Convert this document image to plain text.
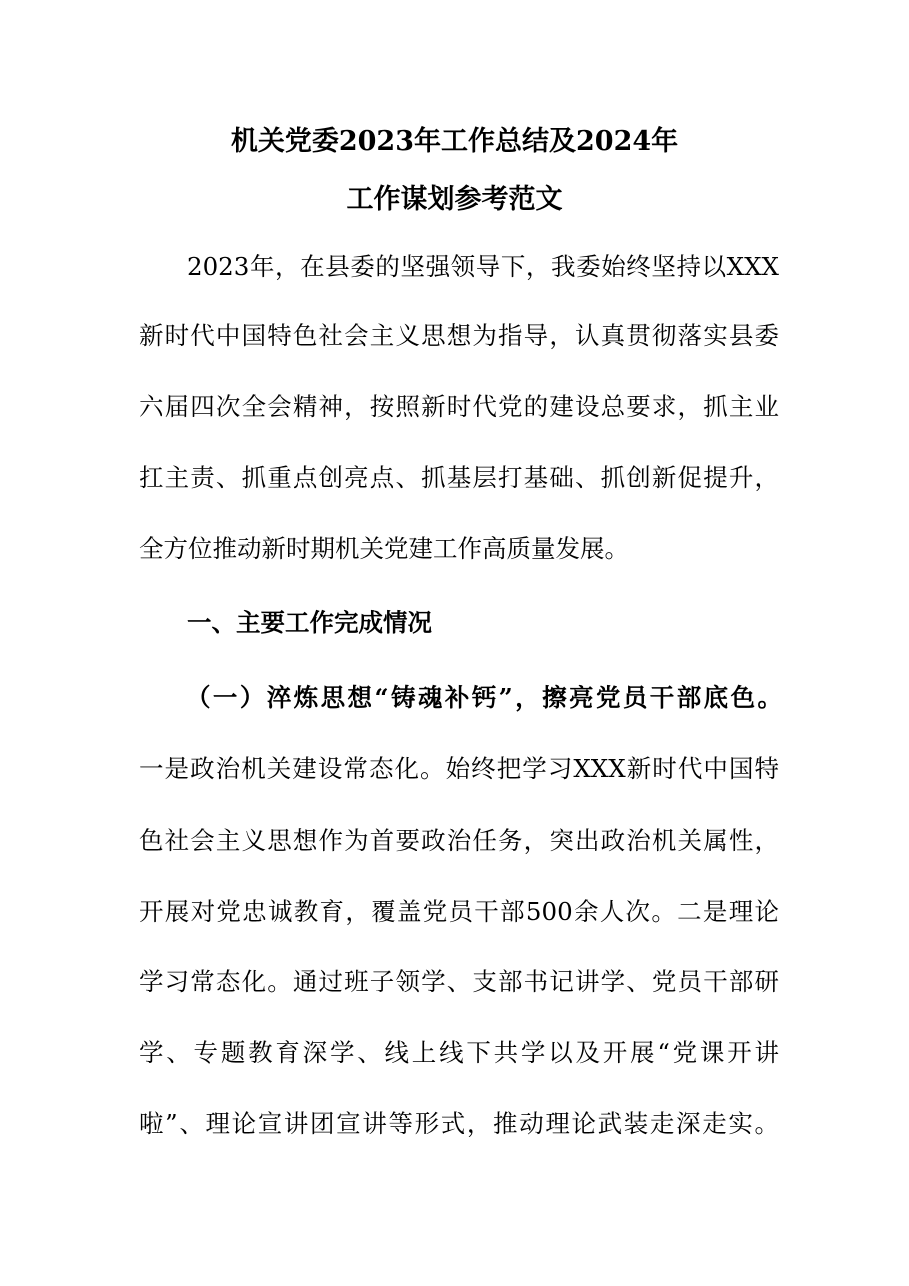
机关党委2023年工作总结及2024年
工作谋划参考范文

2023年，在县委的坚强领导下，我委始终坚持以XXX

新时代中国特色社会主义思想为指导，认真贯彻落实县委

六届四次全会精神，按照新时代党的建设总要求，抓主业

扛主责、抓重点创亮点、抓基层打基础、抓创新促提升，

全方位推动新时期机关党建工作高质量发展。

一、主要工作完成情况
（一）淬炼思想“铸魂补钙”，擦亮党员干部底色。

一是政治机关建设常态化。始终把学习XXX新时代中国特

色社会主义思想作为首要政治任务，突出政治机关属性，

开展对党忠诚教育，覆盖党员干部500余人次。二是理论

学习常态化。通过班子领学、支部书记讲学、党员干部研

学、专题教育深学、线上线下共学以及开展“党课开讲

啦”、理论宣讲团宣讲等形式，推动理论武装走深走实。
